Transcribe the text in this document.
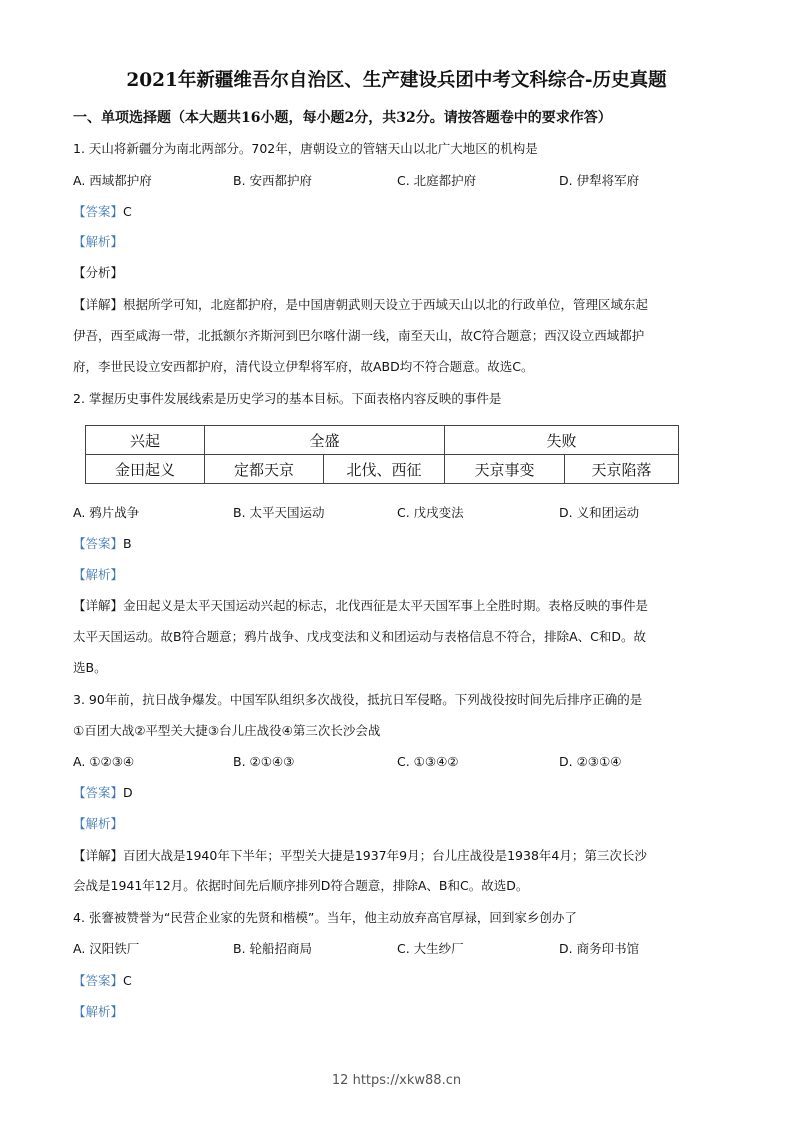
2021年新疆维吾尔自治区、生产建设兵团中考文科综合-历史真题
一、单项选择题（本大题共16小题，每小题2分，共32分。请按答题卷中的要求作答）
1. 天山将新疆分为南北两部分。702年，唐朝设立的管辖天山以北广大地区的机构是
A. 西域都护府	B. 安西都护府	C. 北庭都护府	D. 伊犁将军府
【答案】C
【解析】
【分析】
【详解】根据所学可知，北庭都护府，是中国唐朝武则天设立于西域天山以北的行政单位，管理区域东起
伊吾，西至咸海一带，北抵额尔齐斯河到巴尔喀什湖一线，南至天山，故C符合题意；西汉设立西域都护
府，李世民设立安西都护府，清代设立伊犁将军府，故ABD均不符合题意。故选C。
2. 掌握历史事件发展线索是历史学习的基本目标。下面表格内容反映的事件是
兴起	全盛		失败	
金田起义	定都天京	北伐、西征	天京事变	天京陷落
A. 鸦片战争	B. 太平天国运动	C. 戊戌变法	D. 义和团运动
【答案】B
【解析】
【详解】金田起义是太平天国运动兴起的标志，北伐西征是太平天国军事上全胜时期。表格反映的事件是
太平天国运动。故B符合题意；鸦片战争、戊戌变法和义和团运动与表格信息不符合，排除A、C和D。故
选B。
3. 90年前，抗日战争爆发。中国军队组织多次战役，抵抗日军侵略。下列战役按时间先后排序正确的是
①百团大战②平型关大捷③台儿庄战役④第三次长沙会战
A. ①②③④	B. ②①④③	C. ①③④②	D. ②③①④
【答案】D
【解析】
【详解】百团大战是1940年下半年；平型关大捷是1937年9月；台儿庄战役是1938年4月；第三次长沙
会战是1941年12月。依据时间先后顺序排列D符合题意，排除A、B和C。故选D。
4. 张謇被赞誉为“民营企业家的先贤和楷模”。当年，他主动放弃高官厚禄，回到家乡创办了
A. 汉阳铁厂	B. 轮船招商局	C. 大生纱厂	D. 商务印书馆
【答案】C
【解析】
12 https://xkw88.cn
